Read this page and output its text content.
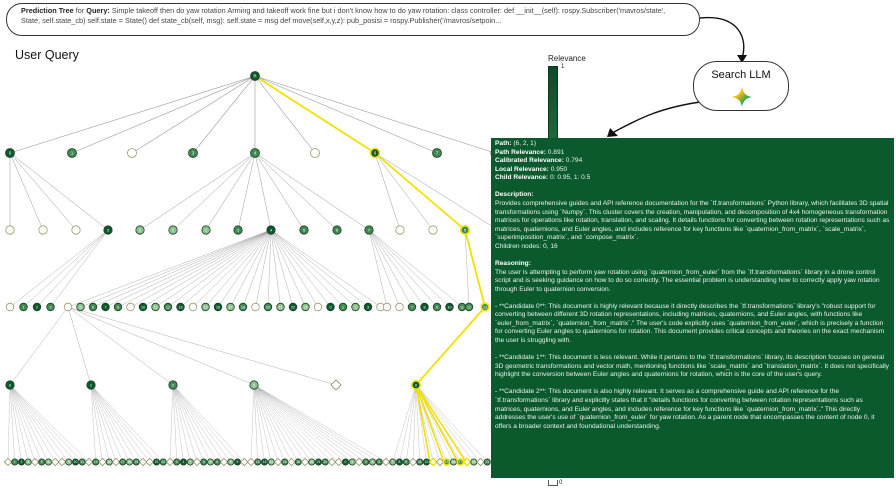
R
0	1	3	4	6	7
3	0	1	2	3	4	5	6	7	5
0	1	2	3	4	5	6	7	8	9	10 11 12 13 14 15 16 17 18 19 20 21 22 23 24	0	1	2	3	4 5	6	7	8	9	10 11 12	13
0	1	2	3	0
1 2 3	5 6	9 10 11	13	15	17 18 19	22 23	0 1 2	4 5 6	8 9	12 13 14	16	18	20 21 22	0 1	3 4 5	7 8 9	11 12	15 16 17	19	21
Prediction Tree for Query: Simple takeoff then do yaw rotation Arming and takeoff work fine but i don't know how to do yaw rotation: class controller: def __init__(self): rospy.Subscriber('mavros/state', State, self.state_cb) self.state = State() def state_cb(self, msg): self.state = msg def move(self,x,y,z): pub_posisi = rospy.Publisher('/mavros/setpoin...
User Query
Search LLM
Relevance
1
0

Path: (6, 2, 1)

Path Relevance: 0.891

Calibrated Relevance: 0.794

Local Relevance: 0.950

Child Relevance: 0: 0.95, 1: 0.5

Description:

Provides comprehensive guides and API reference documentation for the `tf.transformations` Python library, which facilitates 3D spatial transformations using `Numpy`. This cluster covers the creation, manipulation, and decomposition of 4x4 homogeneous transformation matrices for operations like rotation, translation, and scaling. It details functions for converting between rotation representations such as matrices, quaternions, and Euler angles, and includes reference for key functions like `quaternion_from_matrix`, `scale_matrix`, `superimposition_matrix`, and `compose_matrix`.

Children nodes: 0, 16

Reasoning:

The user is attempting to perform yaw rotation using `quaternion_from_euler` from the `tf.transformations` library in a drone control script and is seeking guidance on how to do so correctly. The essential problem is understanding how to correctly apply yaw rotation through Euler to quaternion conversion.

- **Candidate 0**: This document is highly relevant because it directly describes the `tf.transformations` library's "robust support for converting between different 3D rotation representations, including matrices, quaternions, and Euler angles, with functions like `euler_from_matrix`, `quaternion_from_matrix`." The user's code explicitly uses `quaternion_from_euler`, which is precisely a function for converting Euler angles to quaternions for rotation. This document provides critical concepts and theories on the exact mechanism the user is struggling with.

- **Candidate 1**: This document is less relevant. While it pertains to the `tf.transformations` library, its description focuses on general 3D geometric transformations and vector math, mentioning functions like `scale_matrix` and `translation_matrix`. It does not specifically highlight the conversion between Euler angles and quaternions for rotation, which is the core of the user's query.

- **Candidate 2**: This document is also highly relevant. It serves as a comprehensive guide and API reference for the `tf.transformations` library and explicitly states that it "details functions for converting between rotation representations such as matrices, quaternions, and Euler angles, and includes reference for key functions like `quaternion_from_matrix`." This directly addresses the user's use of `quaternion_from_euler` for yaw rotation. As a parent node that encompasses the content of node 0, it offers a broader context and foundational understanding.
